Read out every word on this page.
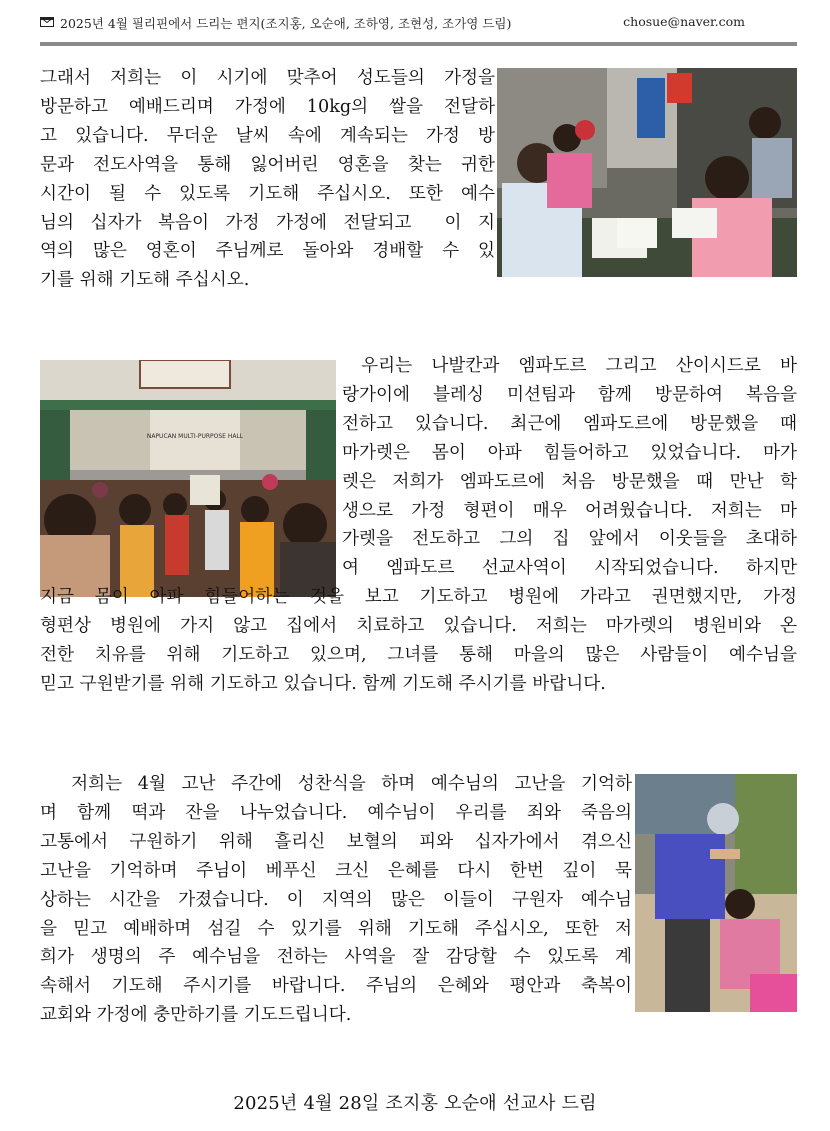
2025년 4월 필리핀에서 드리는 편지(조지홍, 오순애, 조하영, 조현성, 조가영 드림)	chosue@naver.com
그래서 저희는 이 시기에 맞추어 성도들의 가정을
방문하고 예배드리며 가정에 10kg의 쌀을 전달하
고 있습니다. 무더운 날씨 속에 계속되는 가정 방
문과 전도사역을 통해 잃어버린 영혼을 찾는 귀한
시간이 될 수 있도록 기도해 주십시오. 또한 예수
님의 십자가 복음이 가정 가정에 전달되고  이 지
역의 많은 영혼이 주님께로 돌아와 경배할 수 있
기를 위해 기도해 주십시오.
NAPUCAN MULTI-PURPOSE HALL
우리는 나발칸과 엠파도르 그리고 산이시드로 바
랑가이에 블레싱 미션팀과 함께 방문하여 복음을
전하고 있습니다. 최근에 엠파도르에 방문했을 때
마가렛은 몸이 아파 힘들어하고 있었습니다. 마가
렛은 저희가 엠파도르에 처음 방문했을 때 만난 학
생으로 가정 형편이 매우 어려웠습니다. 저희는 마
가렛을 전도하고 그의 집 앞에서 이웃들을 초대하
여 엠파도르 선교사역이 시작되었습니다. 하지만
지금 몸이 아파 힘들어하는 것을 보고 기도하고 병원에 가라고 권면했지만, 가정
형편상 병원에 가지 않고 집에서 치료하고 있습니다. 저희는 마가렛의 병원비와 온
전한 치유를 위해 기도하고 있으며, 그녀를 통해 마을의 많은 사람들이 예수님을
믿고 구원받기를 위해 기도하고 있습니다. 함께 기도해 주시기를 바랍니다.
저희는 4월 고난 주간에 성찬식을 하며 예수님의 고난을 기억하
며 함께 떡과 잔을 나누었습니다. 예수님이 우리를 죄와 죽음의
고통에서 구원하기 위해 흘리신 보혈의 피와 십자가에서 겪으신
고난을 기억하며 주님이 베푸신 크신 은혜를 다시 한번 깊이 묵
상하는 시간을 가졌습니다. 이 지역의 많은 이들이 구원자 예수님
을 믿고 예배하며 섬길 수 있기를 위해 기도해 주십시오, 또한 저
희가 생명의 주 예수님을 전하는 사역을 잘 감당할 수 있도록 계
속해서 기도해 주시기를 바랍니다. 주님의 은혜와 평안과 축복이
교회와 가정에 충만하기를 기도드립니다.
2025년 4월 28일 조지홍 오순애 선교사 드림
